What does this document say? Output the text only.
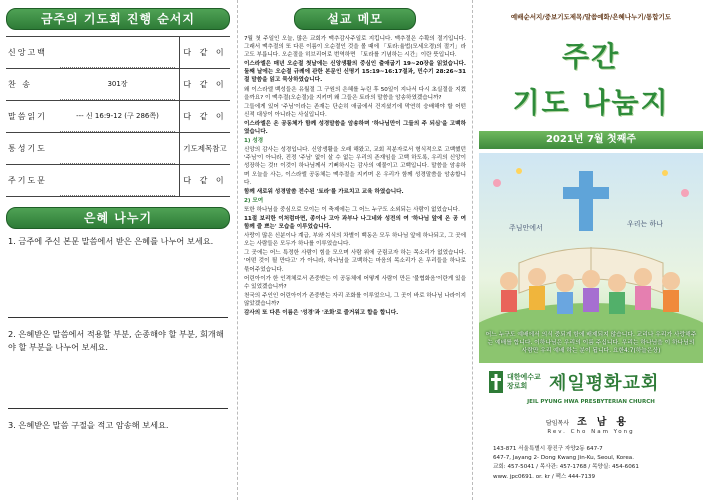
금주의 기도회 진행 순서지
신앙고백	다 같 이
찬 송	301장	다 같 이
말씀읽기	--- 신 16:9-12 (구 286쪽)	다 같 이
통성기도	기도제목참고
주기도문	다 같 이
은혜 나누기
1. 금주에 주신 본문 말씀에서 받은 은혜를 나누어 보세요.
2. 은혜받은 말씀에서 적용할 부분, 순종해야 할 부분, 회개해야 할 부분을 나누어 보세요.
3. 은혜받은 말씀 구절을 적고 암송해 보세요.
설교 메모

7월 첫 주일인 오늘, 많은 교회가 맥추감사주일로 지킵니다. 맥추절은 수확의 절기입니다. 그래서 맥추절의 또 다른 이름이 오순절인 것을 볼 때에 「토라:율법(모세오경)의 절기」라고도 부릅니다. 오순절을 히브리어로 번역하면 「토라를 기념하는 시간」이란 뜻입니다.

이스라엘은 매년 오순절 첫날에는 신앙생활의 중심인 출애굽기 19~20장을 읽었습니다. 둘째 날에는 오순절 규례에 관한 본문인 신명기 15:19~16:17절과, 민수기 28:26~31절 말씀을 읽고 묵상하였습니다.

왜 이스라엘 백성들은 유월절 그 구원의 은혜를 누린 후 50일이 지나서 다시 초실절을 지켰을까요? 이 맥추절(오순절)을 지키며 왜 그들은 토라의 말씀을 암송하였겠습니까?

그들에게 있어 '주님'이라는 존재는 단순히 애굽에서 건지셨기에 막연히 숭배해야 할 어떤 신적 대상이 아니라는 사실입니다.

이스라엘은 온 공동체가 함께 성경말씀을 암송하며 '하나님만이 그들의 주 되심'을 고백하였습니다.

1) 성경

신앙의 감사는 성경입니다. 신앙생활을 오래 해왔고, 교회 직분자로서 형식적으로 고백했던 '주님'이 아니라, 진정 '주님' 없이 살 수 없는 우리의 존재임을 고백 하도록, 우리의 신앙이 성장하는 것!! 이것이 하나님께서 기뻐하시는 감사의 예물이고 고백입니다. 말씀을 암송하며 오늘을 사는, 이스라엘 공동체는 맥추절을 지키며 온 우리가 함께 성경말씀을 암송합니다.

함께 새로워 성경말씀 전수된 '토라'를 가르치고 교육 하였습니다.

2) 모여

또한 하나님을 중심으로 모이는 이 축제에는 그 어느 누구도 소외되는 사람이 없었습니다.

11절 보리한 이처럼마면, 종이나 고아 과부나 나그네와 성전의 여 '하나님 앞에 온 공 여 함께 즐 쁘는' 모습을 이루었습니다.

사랑이 많은 신분이나 계급, 부와 지식의 차별이 백동은 모두 하나님 앞에 하나되고, 그 곳에 오는 사람들은 모두가 하나를 이루었습니다.

그 곳에는 어느 특정한 사람이 힘을 모으며 사람 위에 군림코자 하는 목소리가 없었습니다. '어떤 것이 될 만다고' 가 아니라, 하나님을 고백하는 마음의 목소리가 온 무리들을 하나로 묶어주었습니다.

어린아이가 한 인격체로서 존중받는 이 공동체에 어떻게 사람이 만든 '불협화음'이란게 있을 수 있었겠습니까?

천국의 주인인 어린아이가 존중받는 자리 조화를 이루었으니, 그 곳이 바로 하나님 나라이지 않았겠습니까?

감사의 또 다른 이름은 '성경'과 '조화'로 즐거워고 합을 합니다.

예배순서지/중보기도제목/말씀예화/은혜나누기/통합기도
주간
기도 나눔지
2021년 7월 첫째주
주님안에서	우리는 하나
어느 누구도 예배에서 의식 중되게 함에 배제되지 않습니다. 교리나 우리가 사랑해주는 예배를 합니다. 이하나님은 우리의 이름 주십니다. 우리는 하나님을 이 하나님의 사람만 우리 예배 하는 분이 됩니다. 요한4:7(하늘은상)
대한예수교
장로회	제일평화교회
JEIL PYUNG HWA PRESBYTERIAN CHURCH
담임목사 조남용
Rev. Cho Nam Yong
143-871 서울특별시 광진구 자양2동 647-7
647-7, Jayang 2- Dong Kwang Jin-Ku, Seoul, Korea.
교회: 457-5041 / 목사관: 457-1768 / 목양실: 454-6061
www. jpc0691. or. kr / 팩스 444-7139
